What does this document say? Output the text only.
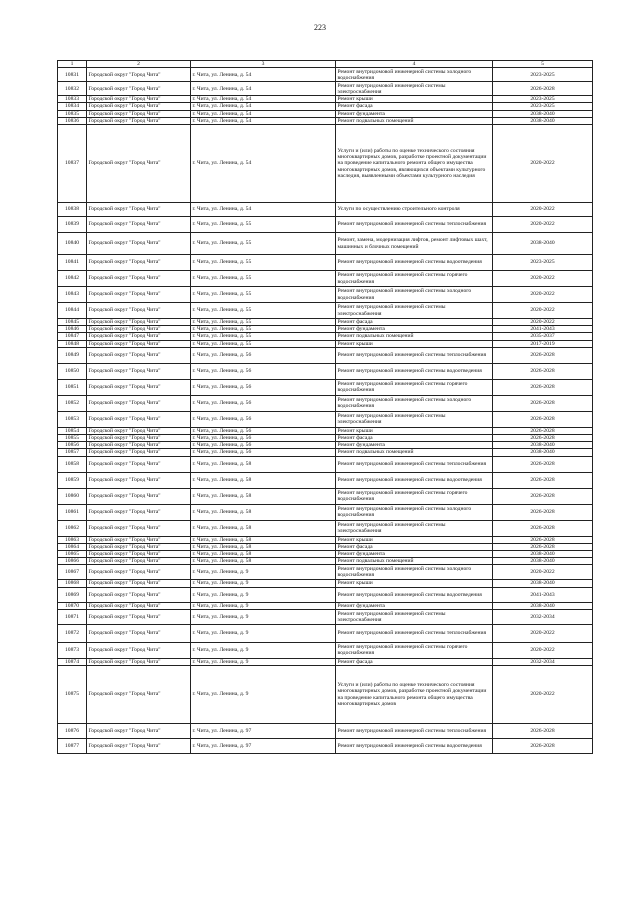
223
1	2	3	4	5
10831	Городской округ "Город Чита"	г. Чита, ул. Ленина, д. 54	Ремонт внутридомовой инженерной системы холодного водоснабжения	2023-2025
10832	Городской округ "Город Чита"	г. Чита, ул. Ленина, д. 54	Ремонт внутридомовой инженерной системы электроснабжения	2026-2028
10833	Городской округ "Город Чита"	г. Чита, ул. Ленина, д. 54	Ремонт крыши	2023-2025
10834	Городской округ "Город Чита"	г. Чита, ул. Ленина, д. 54	Ремонт фасада	2023-2025
10835	Городской округ "Город Чита"	г. Чита, ул. Ленина, д. 54	Ремонт фундамента	2038-2040
10836	Городской округ "Город Чита"	г. Чита, ул. Ленина, д. 54	Ремонт подвальных помещений	2038-2040
10837	Городской округ "Город Чита"	г. Чита, ул. Ленина, д. 54	Услуги и (или) работы по оценке технического состояния многоквартирных домов, разработке проектной документации на проведение капитального ремонта общего имущества многоквартирных домов, являющихся объектами культурного наследия, выявленными объектами культурного наследия	2020-2022
10838	Городской округ "Город Чита"	г. Чита, ул. Ленина, д. 54	Услуги по осуществлению строительного контроля	2020-2022
10839	Городской округ "Город Чита"	г. Чита, ул. Ленина, д. 55	Ремонт внутридомовой инженерной системы теплоснабжения	2020-2022
10840	Городской округ "Город Чита"	г. Чита, ул. Ленина, д. 55	Ремонт, замена, модернизация лифтов, ремонт лифтовых шахт, машинных и блочных помещений	2038-2040
10841	Городской округ "Город Чита"	г. Чита, ул. Ленина, д. 55	Ремонт внутридомовой инженерной системы водоотведения	2023-2025
10842	Городской округ "Город Чита"	г. Чита, ул. Ленина, д. 55	Ремонт внутридомовой инженерной системы горячего водоснабжения	2020-2022
10843	Городской округ "Город Чита"	г. Чита, ул. Ленина, д. 55	Ремонт внутридомовой инженерной системы холодного водоснабжения	2020-2022
10844	Городской округ "Город Чита"	г. Чита, ул. Ленина, д. 55	Ремонт внутридомовой инженерной системы электроснабжения	2020-2022
10845	Городской округ "Город Чита"	г. Чита, ул. Ленина, д. 55	Ремонт фасада	2020-2022
10846	Городской округ "Город Чита"	г. Чита, ул. Ленина, д. 55	Ремонт фундамента	2041-2043
10847	Городской округ "Город Чита"	г. Чита, ул. Ленина, д. 55	Ремонт подвальных помещений	2035-2037
10848	Городской округ "Город Чита"	г. Чита, ул. Ленина, д. 55	Ремонт крыши	2017-2019
10849	Городской округ "Город Чита"	г. Чита, ул. Ленина, д. 56	Ремонт внутридомовой инженерной системы теплоснабжения	2026-2028
10850	Городской округ "Город Чита"	г. Чита, ул. Ленина, д. 56	Ремонт внутридомовой инженерной системы водоотведения	2026-2028
10851	Городской округ "Город Чита"	г. Чита, ул. Ленина, д. 56	Ремонт внутридомовой инженерной системы горячего водоснабжения	2026-2028
10852	Городской округ "Город Чита"	г. Чита, ул. Ленина, д. 56	Ремонт внутридомовой инженерной системы холодного водоснабжения	2026-2028
10853	Городской округ "Город Чита"	г. Чита, ул. Ленина, д. 56	Ремонт внутридомовой инженерной системы электроснабжения	2026-2028
10854	Городской округ "Город Чита"	г. Чита, ул. Ленина, д. 56	Ремонт крыши	2026-2028
10855	Городской округ "Город Чита"	г. Чита, ул. Ленина, д. 56	Ремонт фасада	2026-2028
10856	Городской округ "Город Чита"	г. Чита, ул. Ленина, д. 56	Ремонт фундамента	2038-2040
10857	Городской округ "Город Чита"	г. Чита, ул. Ленина, д. 56	Ремонт подвальных помещений	2038-2040
10858	Городской округ "Город Чита"	г. Чита, ул. Ленина, д. 58	Ремонт внутридомовой инженерной системы теплоснабжения	2026-2028
10859	Городской округ "Город Чита"	г. Чита, ул. Ленина, д. 58	Ремонт внутридомовой инженерной системы водоотведения	2026-2028
10860	Городской округ "Город Чита"	г. Чита, ул. Ленина, д. 58	Ремонт внутридомовой инженерной системы горячего водоснабжения	2026-2028
10861	Городской округ "Город Чита"	г. Чита, ул. Ленина, д. 58	Ремонт внутридомовой инженерной системы холодного водоснабжения	2026-2028
10862	Городской округ "Город Чита"	г. Чита, ул. Ленина, д. 58	Ремонт внутридомовой инженерной системы электроснабжения	2026-2028
10863	Городской округ "Город Чита"	г. Чита, ул. Ленина, д. 58	Ремонт крыши	2026-2028
10864	Городской округ "Город Чита"	г. Чита, ул. Ленина, д. 58	Ремонт фасада	2026-2028
10865	Городской округ "Город Чита"	г. Чита, ул. Ленина, д. 58	Ремонт фундамента	2038-2040
10866	Городской округ "Город Чита"	г. Чита, ул. Ленина, д. 58	Ремонт подвальных помещений	2038-2040
10867	Городской округ "Город Чита"	г. Чита, ул. Ленина, д. 9	Ремонт внутридомовой инженерной системы холодного водоснабжения	2020-2022
10868	Городской округ "Город Чита"	г. Чита, ул. Ленина, д. 9	Ремонт крыши	2038-2040
10869	Городской округ "Город Чита"	г. Чита, ул. Ленина, д. 9	Ремонт внутридомовой инженерной системы водоотведения	2041-2043
10870	Городской округ "Город Чита"	г. Чита, ул. Ленина, д. 9	Ремонт фундамента	2038-2040
10871	Городской округ "Город Чита"	г. Чита, ул. Ленина, д. 9	Ремонт внутридомовой инженерной системы электроснабжения	2032-2034
10872	Городской округ "Город Чита"	г. Чита, ул. Ленина, д. 9	Ремонт внутридомовой инженерной системы теплоснабжения	2020-2022
10873	Городской округ "Город Чита"	г. Чита, ул. Ленина, д. 9	Ремонт внутридомовой инженерной системы горячего водоснабжения	2020-2022
10874	Городской округ "Город Чита"	г. Чита, ул. Ленина, д. 9	Ремонт фасада	2032-2034
10875	Городской округ "Город Чита"	г. Чита, ул. Ленина, д. 9	Услуги и (или) работы по оценке технического состояния многоквартирных домов, разработке проектной документации на проведение капитального ремонта общего имущества многоквартирных домов	2020-2022
10876	Городской округ "Город Чита"	г. Чита, ул. Ленина, д. 97	Ремонт внутридомовой инженерной системы теплоснабжения	2026-2028
10877	Городской округ "Город Чита"	г. Чита, ул. Ленина, д. 97	Ремонт внутридомовой инженерной системы водоотведения	2026-2028
